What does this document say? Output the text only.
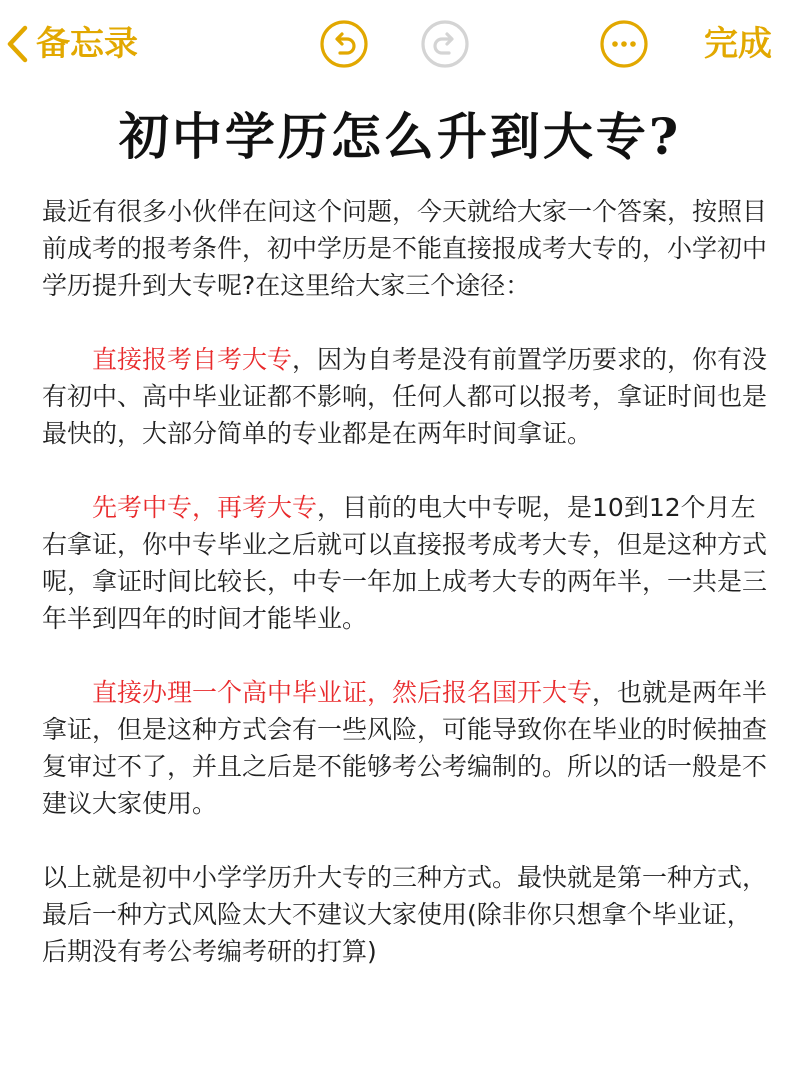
备忘录	完成
初中学历怎么升到大专?

最近有很多小伙伴在问这个问题，今天就给大家一个答案，按照目前成考的报考条件，初中学历是不能直接报成考大专的，小学初中学历提升到大专呢?在这里给大家三个途径：

直接报考自考大专，因为自考是没有前置学历要求的，你有没有初中、高中毕业证都不影响，任何人都可以报考，拿证时间也是最快的，大部分简单的专业都是在两年时间拿证。

先考中专，再考大专，目前的电大中专呢，是10到12个月左右拿证，你中专毕业之后就可以直接报考成考大专，但是这种方式呢，拿证时间比较长，中专一年加上成考大专的两年半，一共是三年半到四年的时间才能毕业。

直接办理一个高中毕业证，然后报名国开大专，也就是两年半拿证，但是这种方式会有一些风险，可能导致你在毕业的时候抽查复审过不了，并且之后是不能够考公考编制的。所以的话一般是不建议大家使用。

以上就是初中小学学历升大专的三种方式。最快就是第一种方式，最后一种方式风险太大不建议大家使用(除非你只想拿个毕业证，后期没有考公考编考研的打算)
